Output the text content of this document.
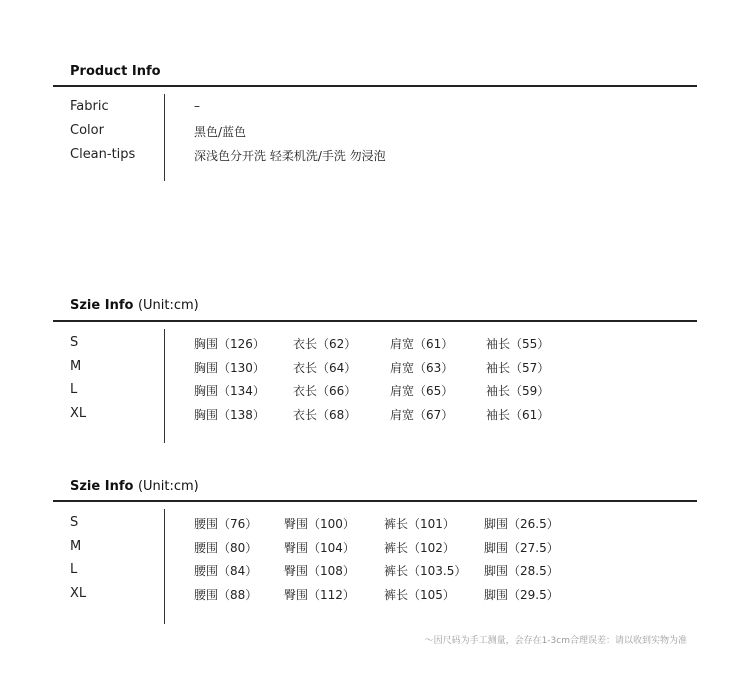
Product Info
Fabric	–
Color	黑色/蓝色
Clean-tips	深浅色分开洗 轻柔机洗/手洗 勿浸泡
Szie Info (Unit:cm)
S	胸围（126） 衣长（62）	肩宽（61）	袖长（55）
M	胸围（130） 衣长（64）	肩宽（63）	袖长（57）
L	胸围（134） 衣长（66）	肩宽（65）	袖长（59）
XL	胸围（138） 衣长（68）	肩宽（67）	袖长（61）
Szie Info (Unit:cm)
S	腰围（76） 臀围（100） 裤长（101） 脚围（26.5）
M	腰围（80） 臀围（104） 裤长（102） 脚围（27.5）
L	腰围（84） 臀围（108） 裤长（103.5） 脚围（28.5）
XL	腰围（88） 臀围（112） 裤长（105） 脚围（29.5）
～因尺码为手工测量，会存在1-3cm合理误差：请以收到实物为准
